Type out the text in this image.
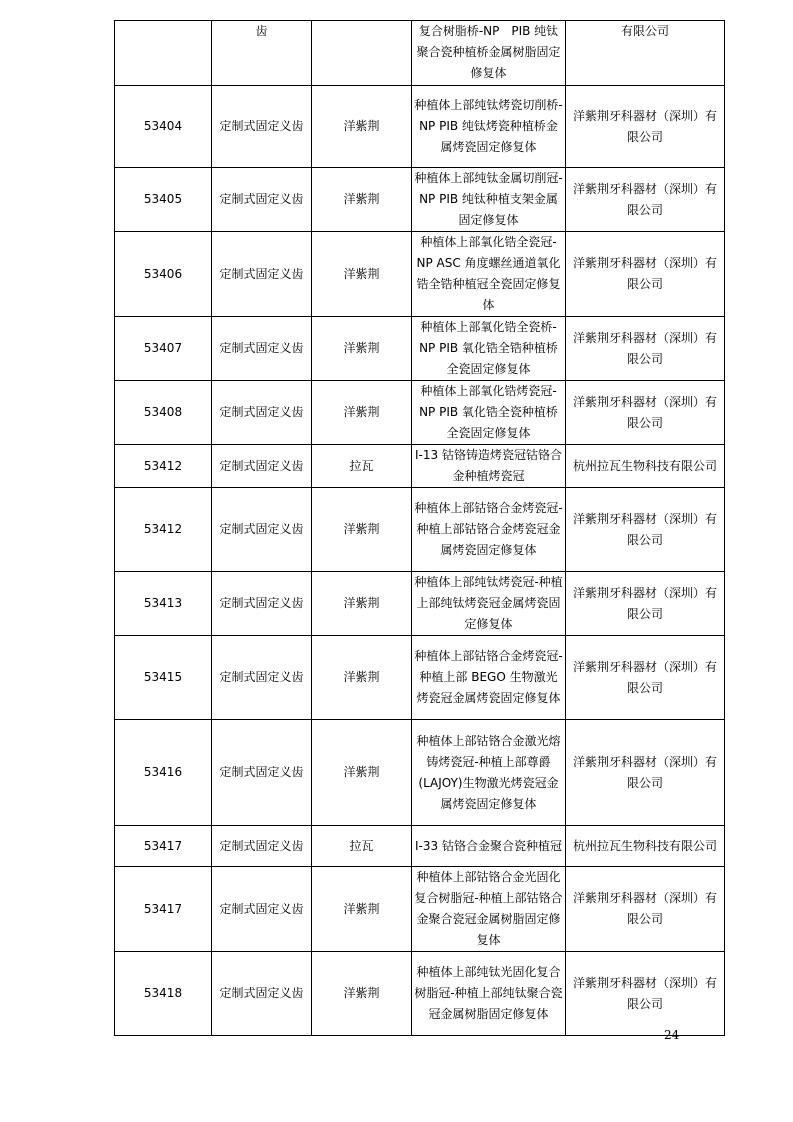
	齿		复合树脂桥-NP　PIB 纯钛聚合瓷种植桥金属树脂固定修复体	有限公司
53404	定制式固定义齿	洋紫荆	种植体上部纯钛烤瓷切削桥-NP PIB 纯钛烤瓷种植桥金属烤瓷固定修复体	洋紫荆牙科器材（深圳）有限公司
53405	定制式固定义齿	洋紫荆	种植体上部纯钛金属切削冠-NP PIB 纯钛种植支架金属固定修复体	洋紫荆牙科器材（深圳）有限公司
53406	定制式固定义齿	洋紫荆	种植体上部氧化锆全瓷冠-NP ASC 角度螺丝通道氧化锆全锆种植冠全瓷固定修复体	洋紫荆牙科器材（深圳）有限公司
53407	定制式固定义齿	洋紫荆	种植体上部氧化锆全瓷桥-NP PIB 氧化锆全锆种植桥全瓷固定修复体	洋紫荆牙科器材（深圳）有限公司
53408	定制式固定义齿	洋紫荆	种植体上部氧化锆烤瓷冠-NP PIB 氧化锆全瓷种植桥全瓷固定修复体	洋紫荆牙科器材（深圳）有限公司
53412	定制式固定义齿	拉瓦	I-13 钴铬铸造烤瓷冠钴铬合金种植烤瓷冠	杭州拉瓦生物科技有限公司
53412	定制式固定义齿	洋紫荆	种植体上部钴铬合金烤瓷冠-种植上部钴铬合金烤瓷冠金属烤瓷固定修复体	洋紫荆牙科器材（深圳）有限公司
53413	定制式固定义齿	洋紫荆	种植体上部纯钛烤瓷冠-种植上部纯钛烤瓷冠金属烤瓷固定修复体	洋紫荆牙科器材（深圳）有限公司
53415	定制式固定义齿	洋紫荆	种植体上部钴铬合金烤瓷冠-种植上部 BEGO 生物激光烤瓷冠金属烤瓷固定修复体	洋紫荆牙科器材（深圳）有限公司
53416	定制式固定义齿	洋紫荆	种植体上部钴铬合金激光熔铸烤瓷冠-种植上部尊爵(LAJOY)生物激光烤瓷冠金属烤瓷固定修复体	洋紫荆牙科器材（深圳）有限公司
53417	定制式固定义齿	拉瓦	I-33 钴铬合金聚合瓷种植冠	杭州拉瓦生物科技有限公司
53417	定制式固定义齿	洋紫荆	种植体上部钴铬合金光固化复合树脂冠-种植上部钴铬合金聚合瓷冠金属树脂固定修复体	洋紫荆牙科器材（深圳）有限公司
53418	定制式固定义齿	洋紫荆	种植体上部纯钛光固化复合树脂冠-种植上部纯钛聚合瓷冠金属树脂固定修复体	洋紫荆牙科器材（深圳）有限公司
24
